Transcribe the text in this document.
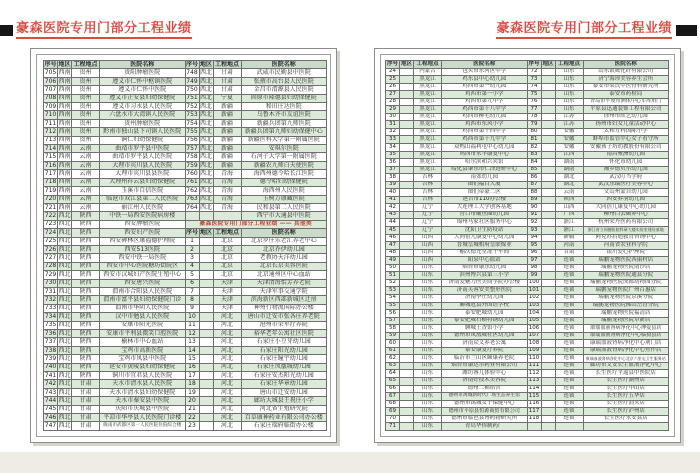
豪森医院专用门部分工程业绩
序号	地区	工程地点	医院名称	序号	地区	工程地点	医院名称
705	西南	贵州	贵阳肿瘤医院	748	西北	甘肃	武威市民勤县中医院
706	西南	贵州	遵义市仁怀中枢镇医院	749	西北	甘肃	张掖市高台县人民医院
707	西南	贵州	遵义市仁怀中医院	750	西北	甘肃	金昌市渭源县人民医院
708	西南	贵州	遵义市正安县妇幼保健院	751	西北	宁夏	固原市隆德县妇幼保健院
709	西南	贵州	遵义市习水县人民医院	752	西北	新疆	和田庄达医院
710	西南	贵州	六盘水市大湾镇人民医院	753	西北	新疆	乌鲁木齐市友谊医院
711	西南	贵州	贵州肿瘤医院	754	西北	新疆	新疆兵团第九师医院
712	西南	贵州	黔南市独山县下司镇人民医院	755	西北	新疆	新疆兵团第九师妇幼保健中心
713	西南	贵州	铜仁妇幼保健院	756	西北	新疆	新疆医科大学第一附属医院
714	西南	云南	曲靖市罗平县中医院	757	西北	新疆	安琪尔医院
715	西南	云南	曲靖市罗平县人民医院	758	西北	新疆	石河子大学第一附属医院
716	西南	云南	大理市宾川县人民医院	759	西北	新疆	新疆农九师白天使医院
717	西南	云南	大理市宾川县县医院	760	西北	青海	海西州德令哈长江医院
718	西南	云南	大理州祥云县妇幼保健院	761	西北	青海	德令哈妇幼保健院
719	西南	云南	玉溪市百信医院	762	西北	青海	海西州人民医院
720	西南	云南	临沧市双江县第二人民医院	763	西北	青海	玉树万康藏医院
721	西南	云南	丽江州人民医院	764	西北	青海	民和县第二人民医院
722	西北	陕西	中铁一局西安医院病房楼				西宁市大通县中医院
723	西北	陕西	西安肿瘤医院	豪森医院专用门部分工程业绩 —— 其他类			
724	西北	陕西	西安妇产医院	序号	地区	工程地点	医院名称
725	西北	陕西	西安碑林区康福德护理院	1		北京	北京罗庄乐老汇养老中心
726	西北	陕西	西安513医院	2		北京	北京乔伊幼儿园
727	西北	陕西	西安中铁一局医院	3		北京	老教协天洋幼儿园
728	西北	陕西	西安市中心医院糖坊街院区	4		北京	北京长京美容医院
729	西北	陕西	西安市汉城妇产医院生殖中心	5		北京	北京通州区中心血站
730	西北	陕西	西安唐兴医院	6		天津	天津清海怡芳养老院
731	西北	陕西	渭南市合阳县人民医院	7		天津	天津军事交通学院
732	西北	陕西	渭南市富平县妇幼保健院门诊	8		天津	滨海新区西部新城区迁房
733	西北	陕西	渭南市华阴人民医院	9		天津	神州行物流国际办公楼
734	西北	陕西	汉中市勉县人民医院	10		河北	唐山市迁安市张各庄养老院
735	西北	陕西	安康市阳光医院	11		河北	沧州市荣军疗养院
736	西北	陕西	安康市平利县微笑口腔医院	12		河北	裕华老年公寓社区医院
737	西北	陕西	榆林市中心血站	13		河北	石家庄小豆芽幼儿园
738	西北	陕西	宝鸡市高新医院	14		河北	石家庄阳光幼儿园
739	西北	陕西	宝鸡市凤县中医院	15		河北	石家庄瞳宇幼儿园
740	西北	陕西	延安市黄陵县妇幼保健院	16		河北	石家庄凤凰城幼儿园
741	西北	陕西	铜川市宜君县人民医院	17		河北	石家庄安杰阳光幼儿园
742	西北	甘肃	天水市清水县人民医院	18		河北	石家庄华章幼儿园
743	西北	甘肃	天水市清水县妇幼保健院	19		河北	唐山市迁安幼儿园
744	西北	甘肃	天水市秦安县中医院	20		河北	廊坊大城县王祝庄小学
745	西北	甘肃	庆阳市庆城县中医院	21		河北	河北省生殖研究院
746	西北	甘肃	平凉市华亭县人民医院门诊楼	22		河北	百草康神药业有限公司办公楼
747	西北	甘肃	陇南市武都区第一人民医院住院综合楼	23		河北	石家庄瑞府临街办公楼
豪森医院专用门部分工程业绩
序号	地区	工程地点	医院名称	序号	地区	工程地点	医院名称
24		内蒙古	包头市东河区中学	72		山东	山东银鹰化纤有限公司
25		黑龙江	鸡东县中心幼儿园	73		山东	济宁海珍美容养生会所
26		黑龙江	鸡西市第一幼儿园	74		山东	泰安市梁氏中医骨科研究所
27		黑龙江	鸡西市第一小学	75		山东	泰安市药检局
28		黑龙江	鸡西市第九中学	76		山东	青岛市平度市测体中心车库用门
29		黑龙江	鸡西市第十八中学	77		山东	平原县迅通装饰工程有限公司
30		黑龙江	鸡西市柳毛幼儿园	78		江苏	徐州市欣艺幼儿园
31		黑龙江	鸡西市东风小学	79		江苏	扬州市妇女儿童活动中心
32		黑龙江	鸡西市第十四中学	80		安徽	太和万科国际小学
33		黑龙江	鸡西市第十九中学	81		安徽	蚌埠市监管中心女子看守所
34		黑龙江	双鸭山福利屯中心幼儿园	82		安徽	安徽孩子坊幼教股份有限公司
35		黑龙江	鸡西市永丰康复中心	83		江西	南昌聚洲幼儿园
36		黑龙江	哈尔滨和兴宾馆	84		湖南	怀化市幼儿园
37		黑龙江	绥化县肇东市仁泽透析中心	85		湖南	湘乡德贝尔幼儿园
38		吉林	南郊幼儿园	86		湖北	武汉叮当学府
39		吉林	图们福百大厦	87		湖北	武汉乐瑞医疗美容中心
40		吉林	图们帝豪二区	88		云南	文山州蒙自幼儿园
41		吉林	延吉市110办公楼	89		陕西	西安养羽幼儿园
42		辽宁	大连理工大学创客基地	90		山西	大同蓓儿康复中心幼儿园
43		辽宁	营口市鲅鱼圈幼儿园	91		广西	柳州白云颐养中心
44		辽宁	锦州马家社区服务中心	92		浙江	杭州荣丹医药有限公司
45		辽宁	沈阳卫生防疫站	93		浙江	浙江省立同德医院科研大楼实验室建设基地
46		山西	大同蓓儿康复中心幼儿园	94		新疆	阿克苏启迪教育咨询中心
47		山西	晋城皇城相府皇联煤业	95		河南	河南省农业科学院
48		山西	榆次德元堂冻干车间	96		甘肃	银川爱心护理院
49		山西	阳泉中心血站	97		连锁	瑞鹏宠物医院西丽村店
50		山东	烟台市康乐幼儿园	98		连锁	瑞鹏宠物医院南沙店
51		山东	滨州博兴县第三小学	99		连锁	瑞鹏宠物医院通县分院
52		山东	济南爱魅力医美商学院办公楼	100		连锁	瑞鹏宠物医院成都动物园分院
53		山东	济南芙蓉安美整形医院	101		连锁	瑞鹏宠物医院广州百惠店
54		山东	济南李庄幼儿园	102		连锁	瑞鹏宠物医院京溪分院
55		山东	聊城冠县外国语学校	103		连锁	瑞鹏宠物医院佛山岳香分院
56		山东	泰安肥城幼儿园	104		连锁	瑞鹏宠物医院福清店
57		山东	泰安肥城石横特钢幼儿园	105		连锁	瑞鹏宠物医院阜新店
58		山东	聊城王香馆小学	106		连锁	康瑞血液肾病净化中心博爱县店
59		山东	德州市凤凰城社区幼儿园	107		连锁	康瑞血液肾病净化中心临猗县店
60		山东	济南众义养老公寓	108		连锁	康瑞血液肾病净化中心荆门店
61		山东	泰安康复疗养院	109		连锁	康瑞血液肾病净化中心焦作店
62		山东	临沂市兰山区颐康养老院	110		连锁	康瑞血液肾病净化中心北京六里屯卫生服务站
63		山东	烟台市康达尔药业有限公司	111		连锁	廊坊市文安长生血液净化中心
64		山东	潍坊睿儿体验中心	112		连锁	长生医疗平遥县中医院店
65		山东	济南好技术美容院	113		连锁	长生医疗潮州店
66		山东	德州二棉宿舍	114		连锁	长生医疗中山店
67		山东	德州市禹城新时代广场生态养生馆	115		连锁	长生医疗五华店
68		山东	德州市禹城女子保健中心	116		连锁	长生医疗汕头店
69		山东	德州市平原县恒源商贸有限公司	117		连锁	长生医疗泸州店
70		山东	德州市临邑县博药物研究所	118		连锁	长生医疗永安县店
71		山东	青岛华侨制药厂				
